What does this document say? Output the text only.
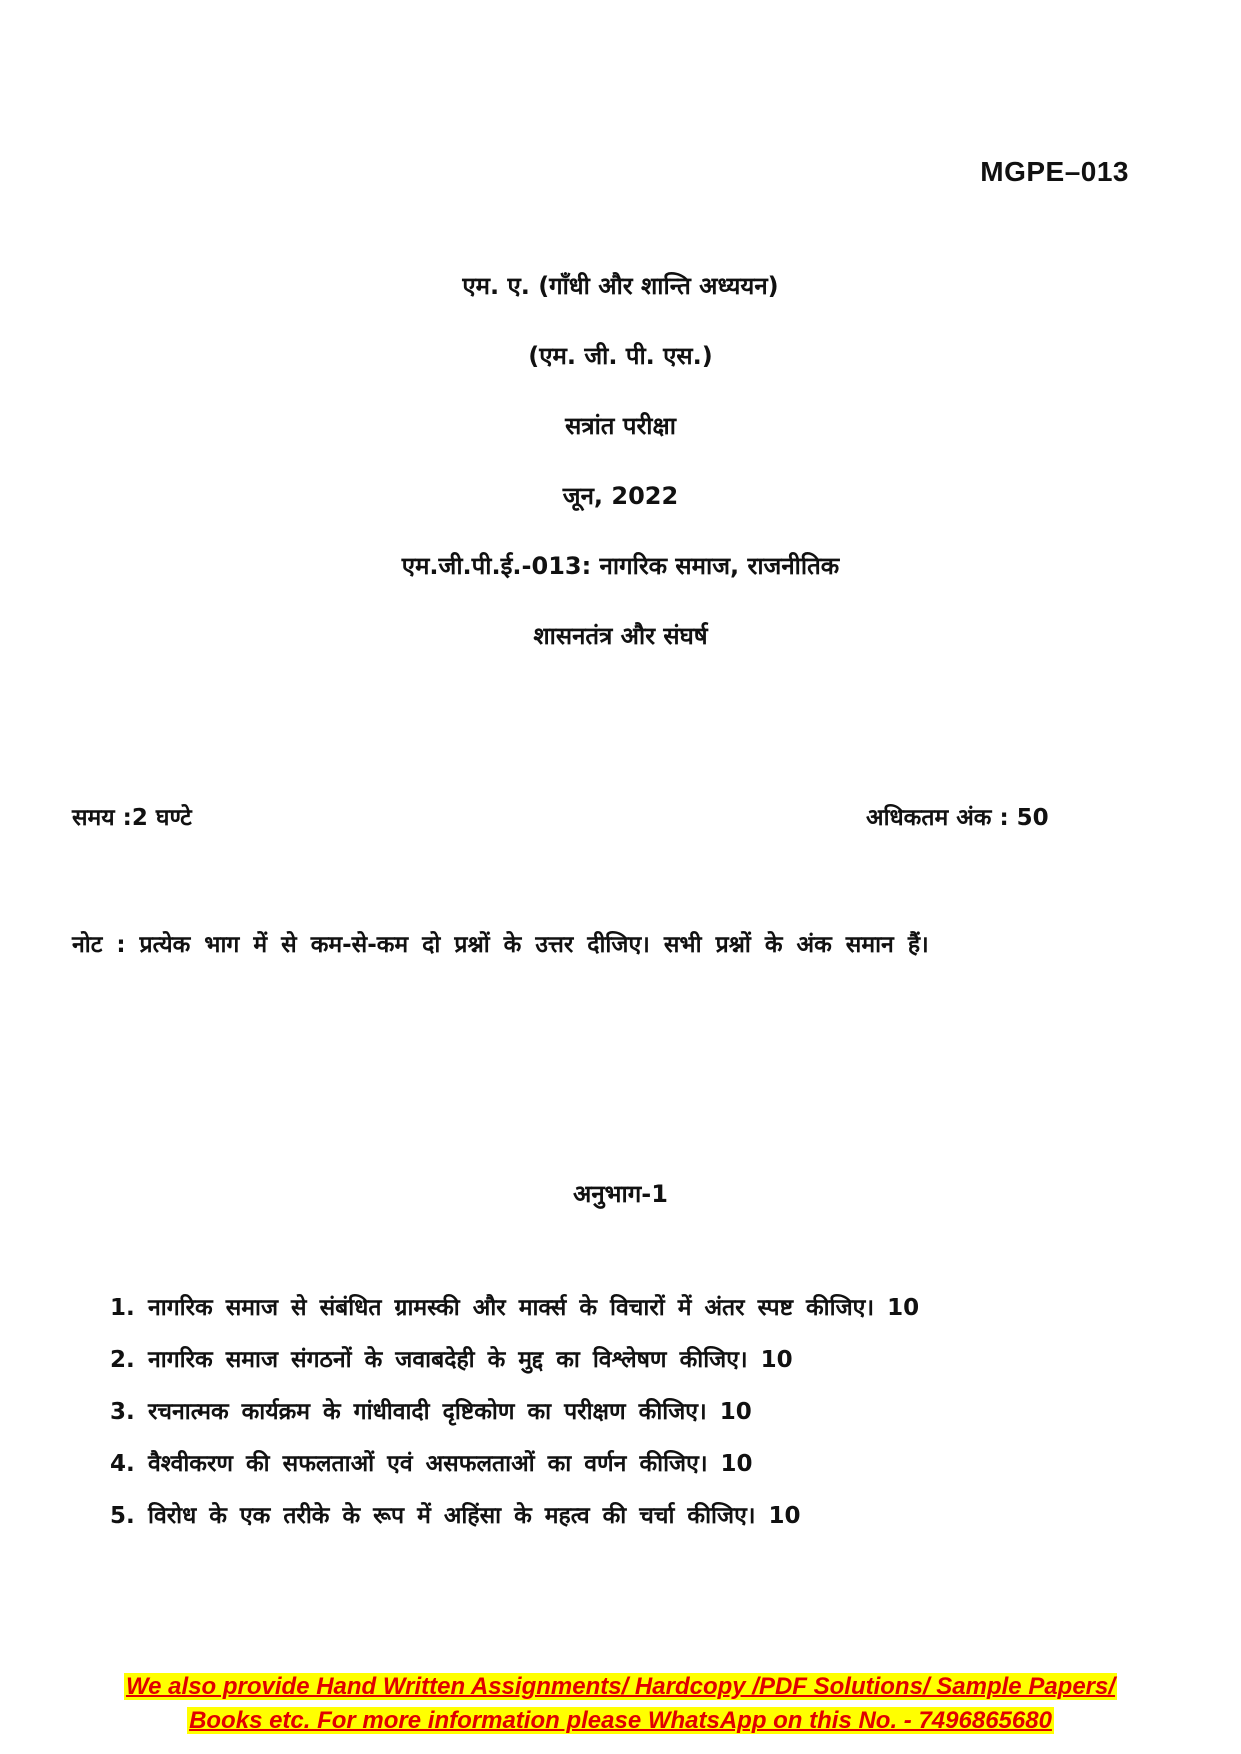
MGPE–013
एम. ए. (गाँधी और शान्ति अध्ययन)
(एम. जी. पी. एस.)
सत्रांत परीक्षा
जून, 2022
एम.जी.पी.ई.-013: नागरिक समाज, राजनीतिक
शासनतंत्र और संघर्ष
समय :2 घण्टे	अधिकतम अंक : 50
नोट : प्रत्येक भाग में से कम-से-कम दो प्रश्नों के उत्तर दीजिए। सभी प्रश्नों के अंक समान हैं।
अनुभाग-1
1. नागरिक समाज से संबंधित ग्रामस्की और मार्क्स के विचारों में अंतर स्पष्ट कीजिए। 10
2. नागरिक समाज संगठनों के जवाबदेही के मुद्द का विश्लेषण कीजिए। 10
3. रचनात्मक कार्यक्रम के गांधीवादी दृष्टिकोण का परीक्षण कीजिए। 10
4. वैश्वीकरण की सफलताओं एवं असफलताओं का वर्णन कीजिए। 10
5. विरोध के एक तरीके के रूप में अहिंसा के महत्व की चर्चा कीजिए। 10
We also provide Hand Written Assignments/ Hardcopy /PDF Solutions/ Sample Papers/
Books etc. For more information please WhatsApp on this No. - 7496865680
